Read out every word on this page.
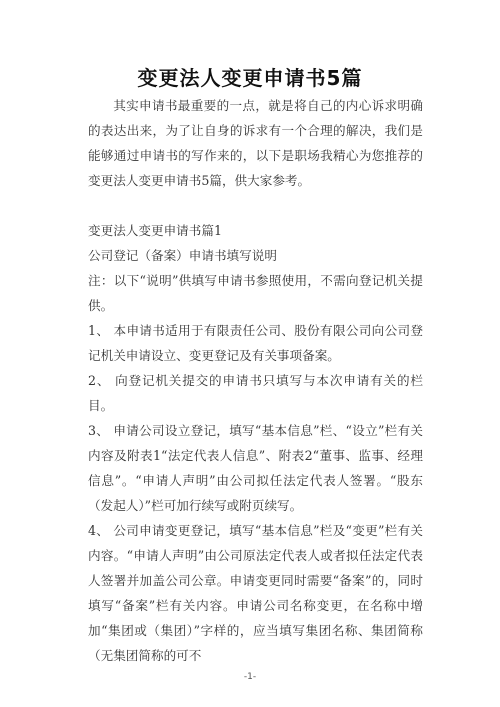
变更法人变更申请书5篇

其实申请书最重要的一点，就是将自己的内心诉求明确的表达出来，为了让自身的诉求有一个合理的解决，我们是能够通过申请书的写作来的，以下是职场我精心为您推荐的变更法人变更申请书5篇，供大家参考。

变更法人变更申请书篇1

公司登记（备案）申请书填写说明

注：以下“说明”供填写申请书参照使用，不需向登记机关提供。

1、 本申请书适用于有限责任公司、股份有限公司向公司登记机关申请设立、变更登记及有关事项备案。

2、 向登记机关提交的申请书只填写与本次申请有关的栏目。

3、 申请公司设立登记，填写“基本信息”栏、“设立”栏有关内容及附表1“法定代表人信息”、附表2“董事、监事、经理信息”。“申请人声明”由公司拟任法定代表人签署。“股东（发起人）”栏可加行续写或附页续写。

4、 公司申请变更登记，填写“基本信息”栏及“变更”栏有关内容。“申请人声明”由公司原法定代表人或者拟任法定代表人签署并加盖公司公章。申请变更同时需要“备案”的，同时填写“备案”栏有关内容。申请公司名称变更，在名称中增加“集团或（集团）”字样的，应当填写集团名称、集团简称（无集团简称的可不

-1-
